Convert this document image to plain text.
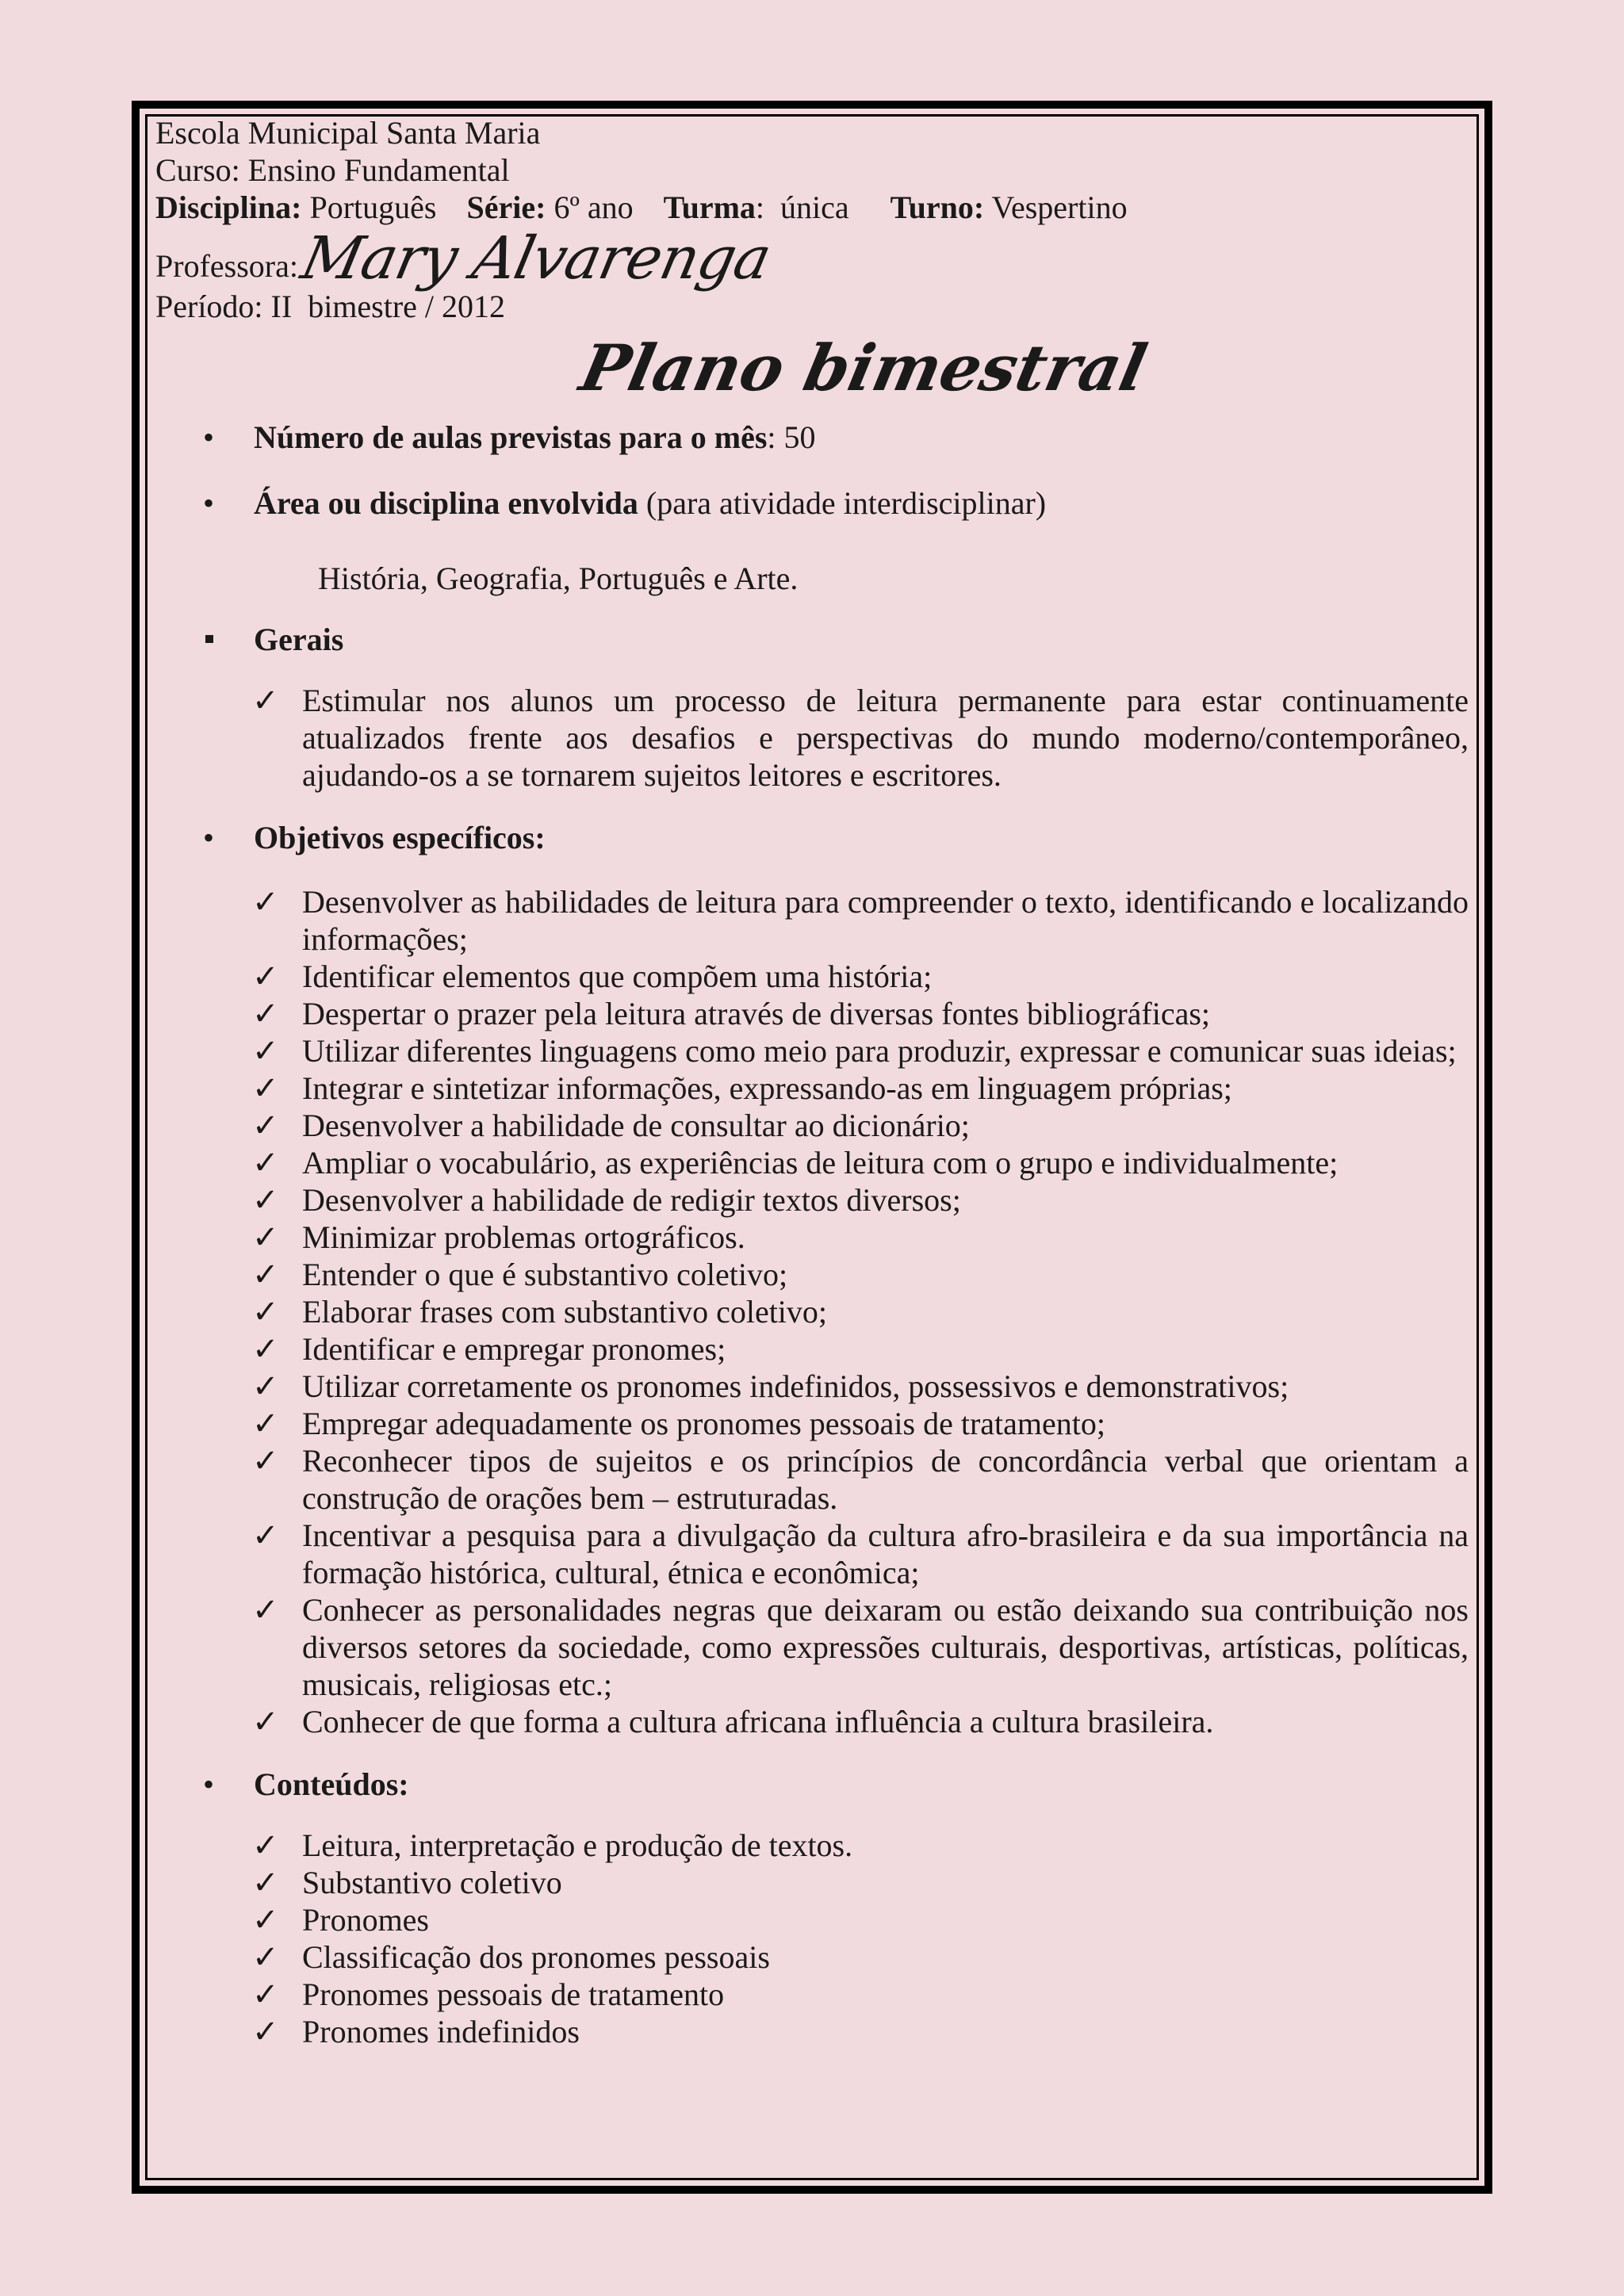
Escola Municipal Santa Maria
Curso: Ensino Fundamental
Disciplina: Português Série: 6º ano Turma:  única Turno: Vespertino
Professora:
Mary Alvarenga
Período: II  bimestre / 2012
Plano bimestral
•
Número de aulas previstas para o mês: 50
•
Área ou disciplina envolvida (para atividade interdisciplinar)
História, Geografia, Português e Arte.
Gerais
✓ Estimular nos alunos um processo de leitura permanente para estar continuamente atualizados frente aos desafios e perspectivas do mundo moderno/contemporâneo, ajudando-os a se tornarem sujeitos leitores e escritores.
•
Objetivos específicos:
✓ Desenvolver as habilidades de leitura para compreender o texto, identificando e localizando informações;
✓ Identificar elementos que compõem uma história;
✓ Despertar o prazer pela leitura através de diversas fontes bibliográficas;
✓ Utilizar diferentes linguagens como meio para produzir, expressar e comunicar suas ideias;
✓ Integrar e sintetizar informações, expressando-as em linguagem próprias;
✓ Desenvolver a habilidade de consultar ao dicionário;
✓ Ampliar o vocabulário, as experiências de leitura com o grupo e individualmente;
✓ Desenvolver a habilidade de redigir textos diversos;
✓ Minimizar problemas ortográficos.
✓ Entender o que é substantivo coletivo;
✓ Elaborar frases com substantivo coletivo;
✓ Identificar e empregar pronomes;
✓ Utilizar corretamente os pronomes indefinidos, possessivos e demonstrativos;
✓ Empregar adequadamente os pronomes pessoais de tratamento;
✓ Reconhecer tipos de sujeitos e os princípios de concordância verbal que orientam a construção de orações bem – estruturadas.
✓ Incentivar a pesquisa para a divulgação da cultura afro-brasileira e da sua importância na formação histórica, cultural, étnica e econômica;
✓ Conhecer as personalidades negras que deixaram ou estão deixando sua contribuição nos diversos setores da sociedade, como expressões culturais, desportivas, artísticas, políticas, musicais, religiosas etc.;
✓ Conhecer de que forma a cultura africana influência a cultura brasileira.
•
Conteúdos:
✓ Leitura, interpretação e produção de textos.
✓ Substantivo coletivo
✓ Pronomes
✓ Classificação dos pronomes pessoais
✓ Pronomes pessoais de tratamento
✓ Pronomes indefinidos
